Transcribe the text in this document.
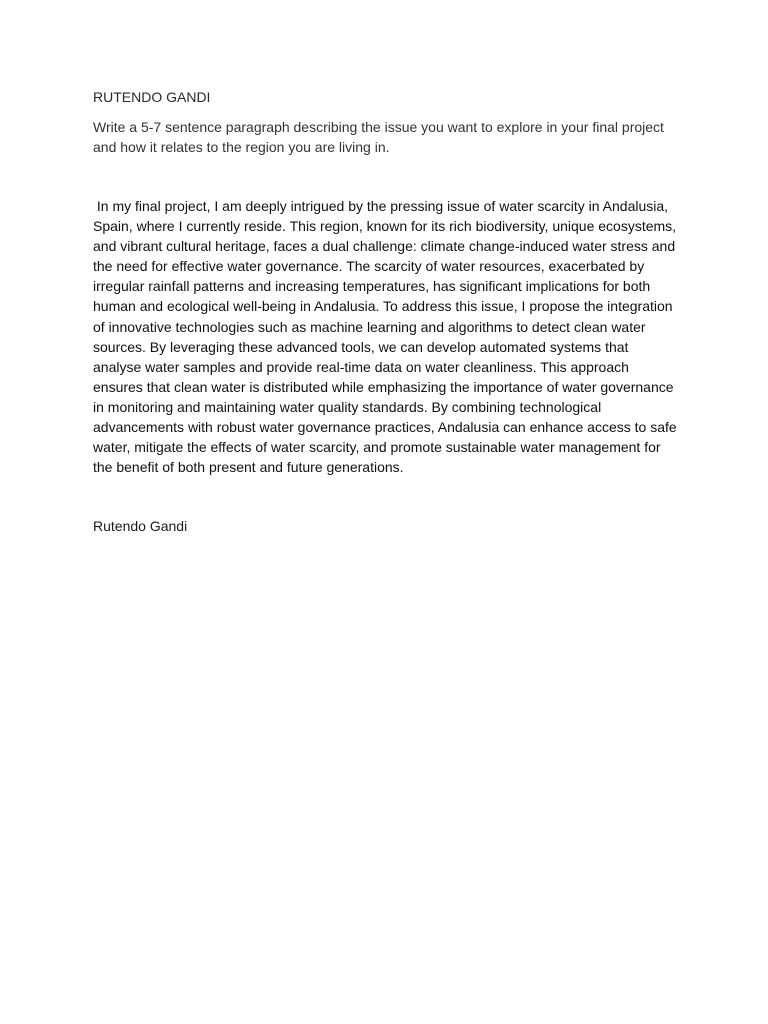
RUTENDO GANDI

Write a 5-7 sentence paragraph describing the issue you want to explore in your final project and how it relates to the region you are living in.

In my final project, I am deeply intrigued by the pressing issue of water scarcity in Andalusia, Spain, where I currently reside. This region, known for its rich biodiversity, unique ecosystems, and vibrant cultural heritage, faces a dual challenge: climate change-induced water stress and the need for effective water governance. The scarcity of water resources, exacerbated by irregular rainfall patterns and increasing temperatures, has significant implications for both human and ecological well-being in Andalusia. To address this issue, I propose the integration of innovative technologies such as machine learning and algorithms to detect clean water sources. By leveraging these advanced tools, we can develop automated systems that analyse water samples and provide real-time data on water cleanliness. This approach ensures that clean water is distributed while emphasizing the importance of water governance in monitoring and maintaining water quality standards. By combining technological advancements with robust water governance practices, Andalusia can enhance access to safe water, mitigate the effects of water scarcity, and promote sustainable water management for the benefit of both present and future generations.

Rutendo Gandi
